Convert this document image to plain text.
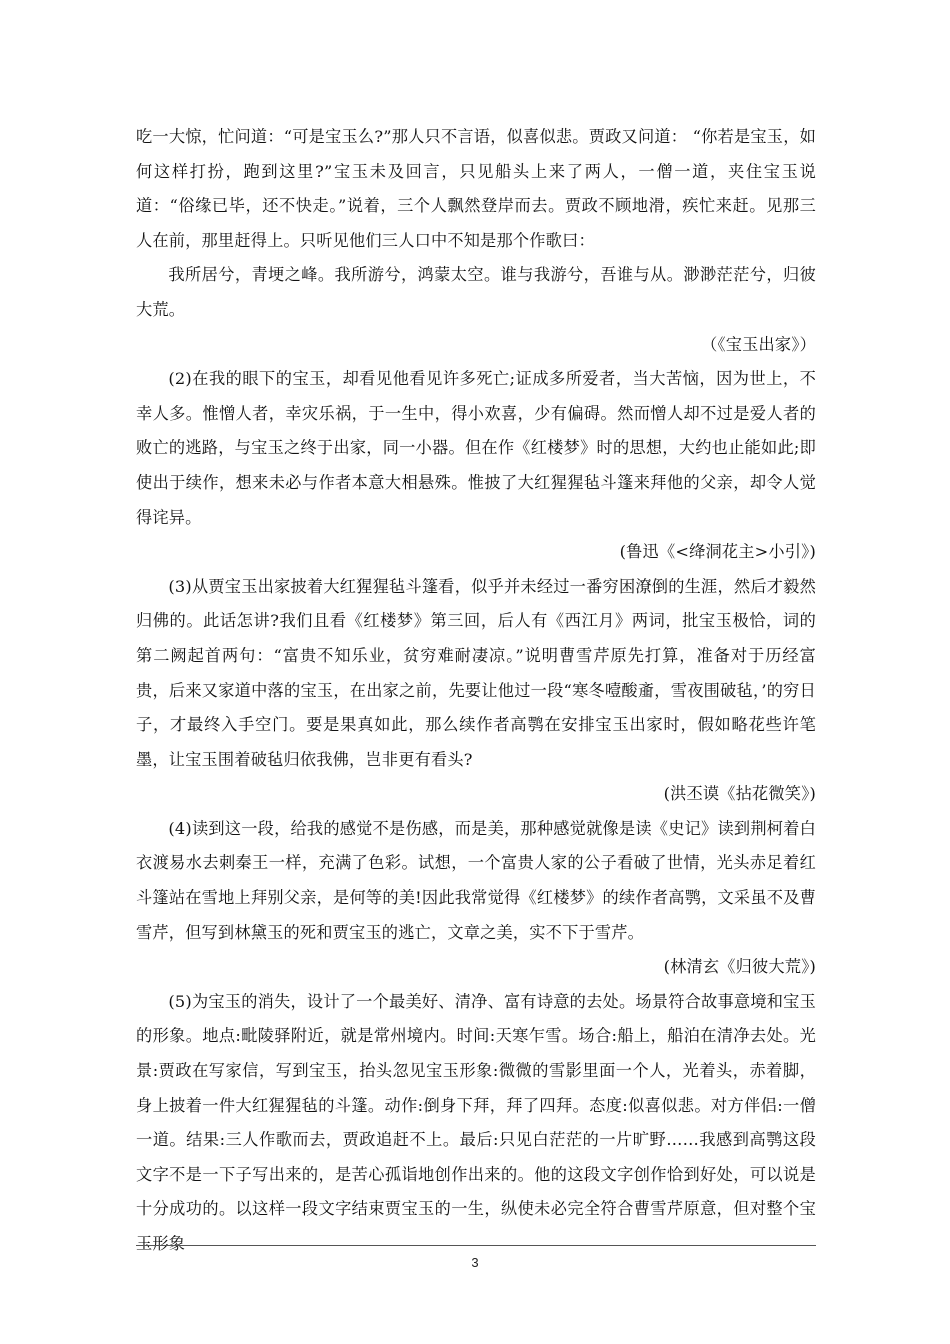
吃一大惊，忙问道：“可是宝玉么?”那人只不言语，似喜似悲。贾政又问道： “你若是宝玉，如何这样打扮，跑到这里?”宝玉未及回言，只见船头上来了两人，一僧一道，夹住宝玉说道：“俗缘已毕，还不快走。”说着，三个人飘然登岸而去。贾政不顾地滑，疾忙来赶。见那三人在前，那里赶得上。只听见他们三人口中不知是那个作歌曰：

我所居兮，青埂之峰。我所游兮，鸿蒙太空。谁与我游兮，吾谁与从。渺渺茫茫兮，归彼大荒。

（《宝玉出家》）

(2)在我的眼下的宝玉，却看见他看见许多死亡;证成多所爱者，当大苦恼，因为世上，不幸人多。惟憎人者，幸灾乐祸，于一生中，得小欢喜，少有偏碍。然而憎人却不过是爱人者的败亡的逃路，与宝玉之终于出家，同一小器。但在作《红楼梦》时的思想，大约也止能如此;即使出于续作，想来未必与作者本意大相悬殊。惟披了大红猩猩毡斗篷来拜他的父亲，却令人觉得诧异。

(鲁迅《<绛洞花主>小引》)

(3)从贾宝玉出家披着大红猩猩毡斗篷看，似乎并未经过一番穷困潦倒的生涯，然后才毅然归佛的。此话怎讲?我们且看《红楼梦》第三回，后人有《西江月》两词，批宝玉极恰，词的第二阙起首两句：“富贵不知乐业，贫穷难耐凄凉。”说明曹雪芹原先打算，准备对于历经富贵，后来又家道中落的宝玉，在出家之前，先要让他过一段“寒冬噎酸齑，雪夜围破毡，’的穷日子，才最终入手空门。要是果真如此，那么续作者高鹗在安排宝玉出家时，假如略花些许笔墨，让宝玉围着破毡归依我佛，岂非更有看头?

(洪丕谟《拈花微笑》)

(4)读到这一段，给我的感觉不是伤感，而是美，那种感觉就像是读《史记》读到荆柯着白衣渡易水去刺秦王一样，充满了色彩。试想，一个富贵人家的公子看破了世情，光头赤足着红斗篷站在雪地上拜别父亲，是何等的美!因此我常觉得《红楼梦》的续作者高鹗，文采虽不及曹雪芹，但写到林黛玉的死和贾宝玉的逃亡，文章之美，实不下于雪芹。

(林清玄《归彼大荒》)

(5)为宝玉的消失，设计了一个最美好、清净、富有诗意的去处。场景符合故事意境和宝玉的形象。地点:毗陵驿附近，就是常州境内。时间:天寒乍雪。场合:船上，船泊在清净去处。光景:贾政在写家信，写到宝玉，抬头忽见宝玉形象:微微的雪影里面一个人，光着头，赤着脚，身上披着一件大红猩猩毡的斗篷。动作:倒身下拜，拜了四拜。态度:似喜似悲。对方伴侣:一僧一道。结果:三人作歌而去，贾政追赶不上。最后:只见白茫茫的一片旷野……我感到高鹗这段文字不是一下子写出来的，是苦心孤诣地创作出来的。他的这段文字创作恰到好处，可以说是十分成功的。以这样一段文字结束贾宝玉的一生，纵使未必完全符合曹雪芹原意，但对整个宝玉形象

3
